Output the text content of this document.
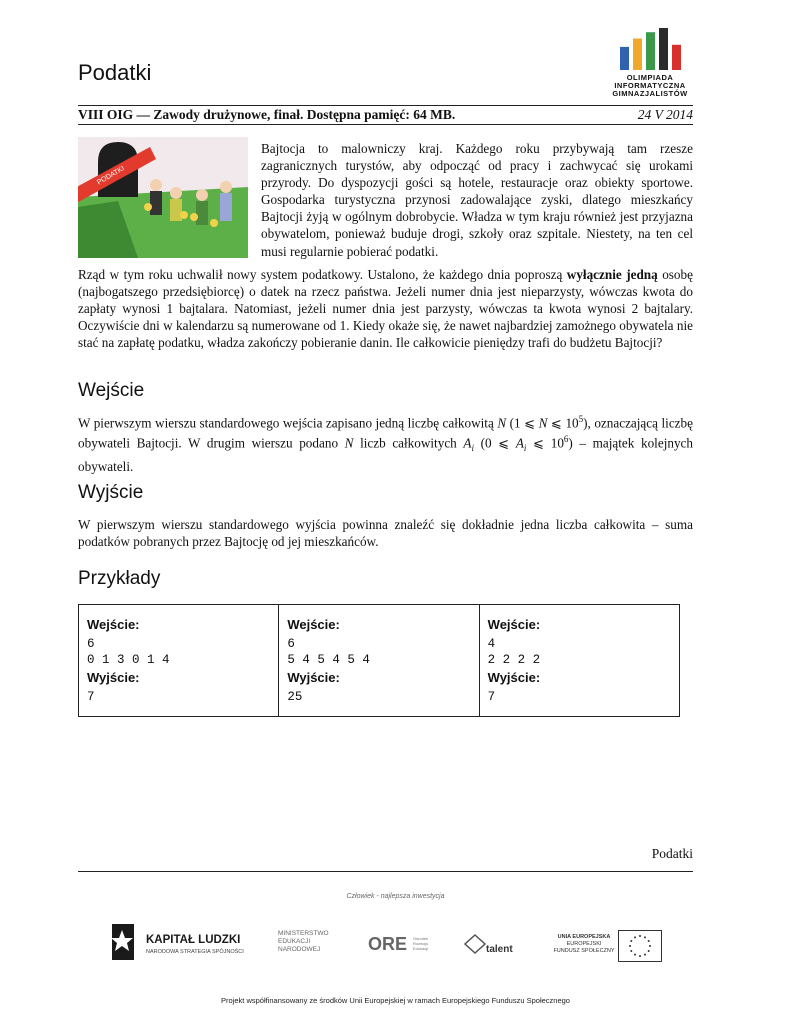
Podatki	OLIMPIADA
INFORMATYCZNA
GIMNAZJALISTÓW
VIII OIG — Zawody drużynowe, finał. Dostępna pamięć: 64 MB.	24 V 2014
PODATKI

Bajtocja to malowniczy kraj. Każdego roku przybywają tam rzesze zagranicznych turystów, aby odpocząć od pracy i zachwycać się urokami przyrody. Do dyspozycji gości są hotele, restauracje oraz obiekty sportowe. Gospodarka turystyczna przynosi zadowalające zyski, dlatego mieszkańcy Bajtocji żyją w ogólnym dobrobycie. Władza w tym kraju również jest przyjazna obywatelom, ponieważ buduje drogi, szkoły oraz szpitale. Niestety, na ten cel musi regularnie pobierać podatki.

Rząd w tym roku uchwalił nowy system podatkowy. Ustalono, że każdego dnia poproszą wyłącznie jedną osobę (najbogatszego przedsiębiorcę) o datek na rzecz państwa. Jeżeli numer dnia jest nieparzysty, wówczas kwota do zapłaty wynosi 1 bajtalara. Natomiast, jeżeli numer dnia jest parzysty, wówczas ta kwota wynosi 2 bajtalary. Oczywiście dni w kalendarzu są numerowane od 1. Kiedy okaże się, że nawet najbardziej zamożnego obywatela nie stać na zapłatę podatku, władza zakończy pobieranie danin. Ile całkowicie pieniędzy trafi do budżetu Bajtocji?

Wejście

W pierwszym wierszu standardowego wejścia zapisano jedną liczbę całkowitą N (1 ⩽ N ⩽ $10^5$), oznaczającą liczbę obywateli Bajtocji. W drugim wierszu podano N liczb całkowitych $A_i$ (0 ⩽ $A_i$ ⩽ $10^6$) – majątek kolejnych obywateli.

Wyjście

W pierwszym wierszu standardowego wyjścia powinna znaleźć się dokładnie jedna liczba całkowita – suma podatków pobranych przez Bajtocję od jej mieszkańców.

Przykłady
Wejście:
6
0 1 3 0 1 4
Wyjście:
7
Wejście:
6
5 4 5 4 5 4
Wyjście:
25
Wejście:
4
2 2 2 2
Wyjście:
7
Podatki
Człowiek - najlepsza inwestycja
KAPITAŁ LUDZKI
NARODOWA STRATEGIA SPÓJNOŚCI
MINISTERSTWO
EDUKACJI
NARODOWEJ	ORE Ośrodek
Rozwoju
Edukacji	talent
UNIA EUROPEJSKA
EUROPEJSKI
FUNDUSZ SPOŁECZNY
Projekt współfinansowany ze środków Unii Europejskiej w ramach Europejskiego Funduszu Społecznego
